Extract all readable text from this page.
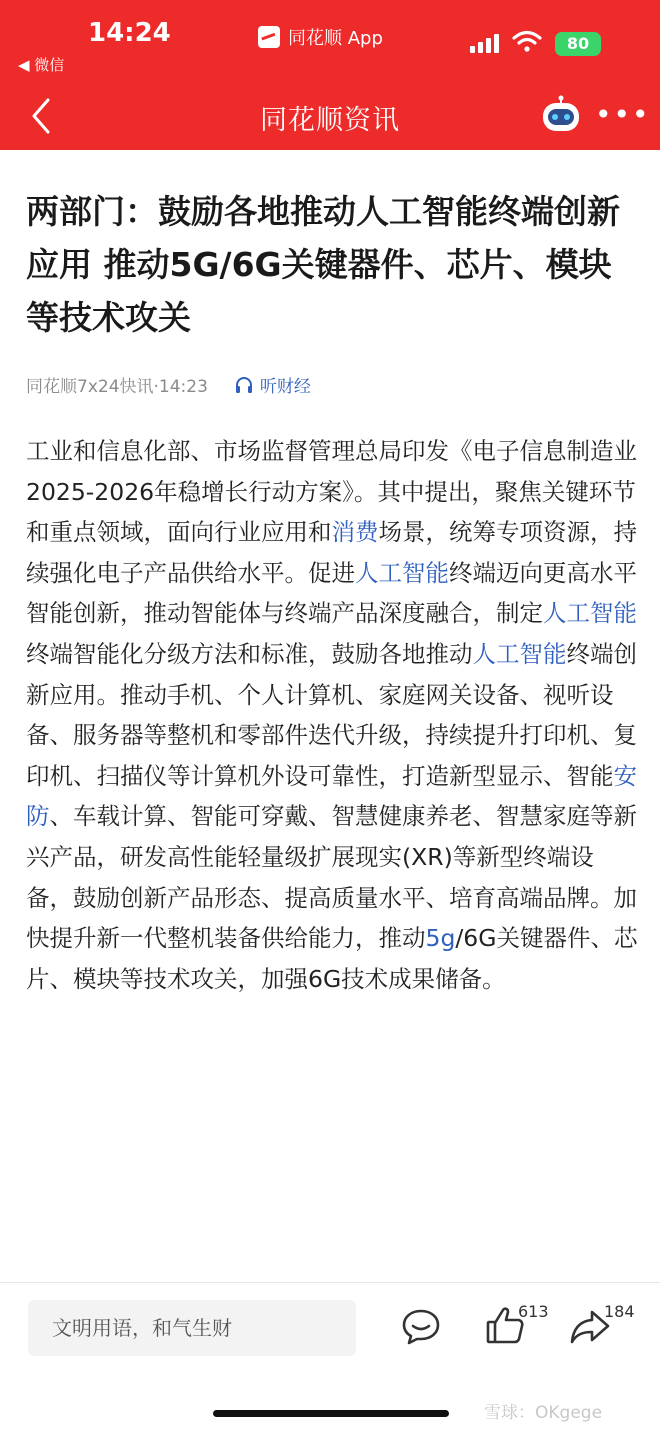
14:24
◀ 微信
同花顺 App	80
同花顺资讯	•••
两部门：鼓励各地推动人工智能终端创新应用 推动5G/6G关键器件、芯片、模块等技术攻关
同花顺7x24快讯·14:23	听财经

工业和信息化部、市场监督管理总局印发《电子信息制造业2025-2026年稳增长行动方案》。其中提出，聚焦关键环节和重点领域，面向行业应用和消费场景，统筹专项资源，持续强化电子产品供给水平。促进人工智能终端迈向更高水平智能创新，推动智能体与终端产品深度融合，制定人工智能终端智能化分级方法和标准，鼓励各地推动人工智能终端创新应用。推动手机、个人计算机、家庭网关设备、视听设备、服务器等整机和零部件迭代升级，持续提升打印机、复印机、扫描仪等计算机外设可靠性，打造新型显示、智能安防、车载计算、智能可穿戴、智慧健康养老、智慧家庭等新兴产品，研发高性能轻量级扩展现实(XR)等新型终端设备，鼓励创新产品形态、提高质量水平、培育高端品牌。加快提升新一代整机装备供给能力，推动5g/6G关键器件、芯片、模块等技术攻关，加强6G技术成果储备。

文明用语，和气生财
613	184
雪球：OKgege
